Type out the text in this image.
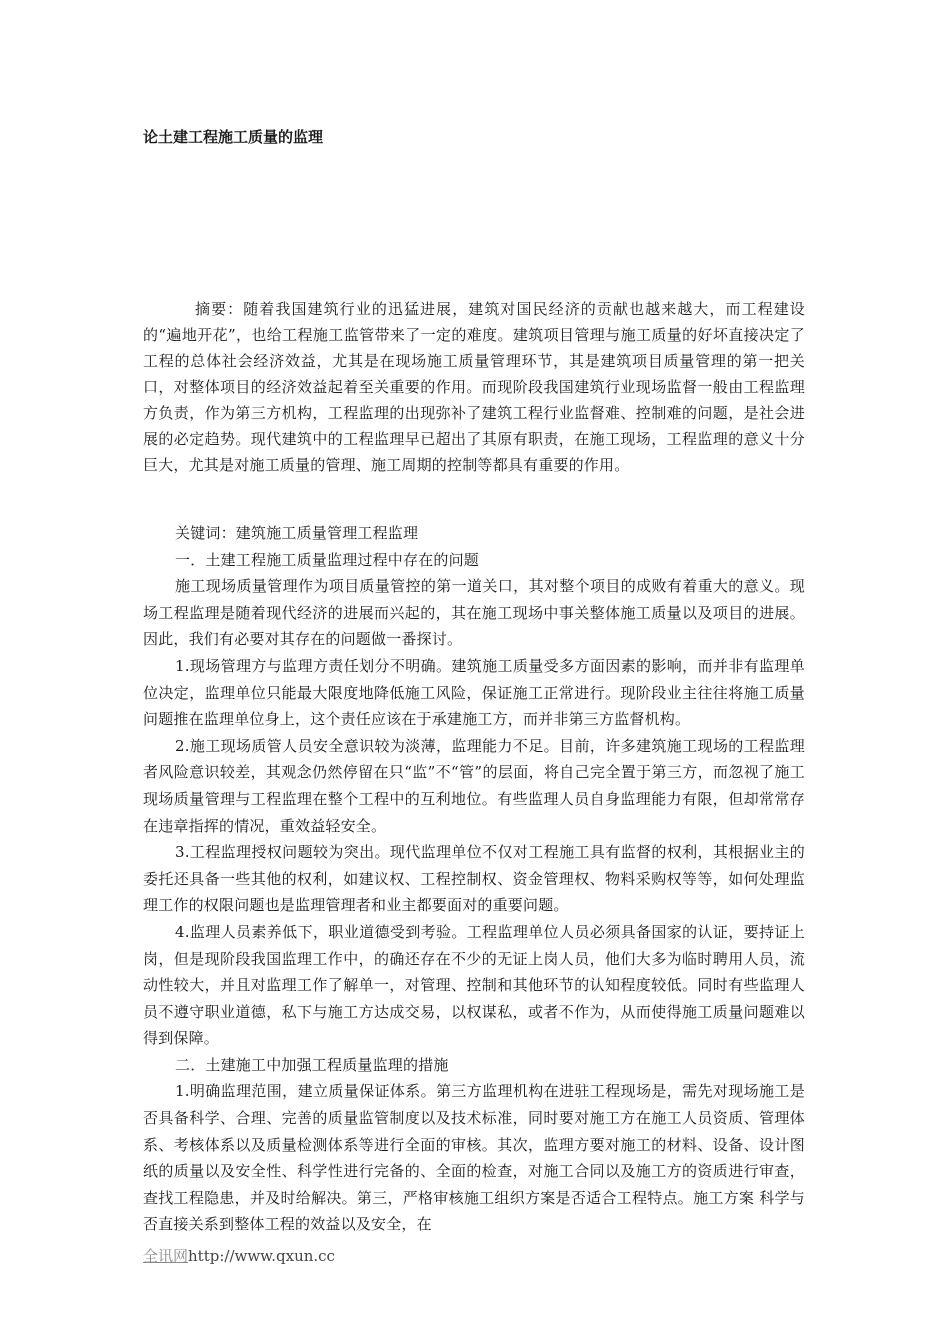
论土建工程施工质量的监理

摘要：随着我国建筑行业的迅猛进展，建筑对国民经济的贡献也越来越大，而工程建设的“遍地开花”，也给工程施工监管带来了一定的难度。建筑项目管理与施工质量的好坏直接决定了工程的总体社会经济效益，尤其是在现场施工质量管理环节，其是建筑项目质量管理的第一把关口，对整体项目的经济效益起着至关重要的作用。而现阶段我国建筑行业现场监督一般由工程监理方负责，作为第三方机构，工程监理的出现弥补了建筑工程行业监督难、控制难的问题，是社会进展的必定趋势。现代建筑中的工程监理早已超出了其原有职责，在施工现场，工程监理的意义十分巨大，尤其是对施工质量的管理、施工周期的控制等都具有重要的作用。

关键词：建筑施工质量管理工程监理

一．土建工程施工质量监理过程中存在的问题

施工现场质量管理作为项目质量管控的第一道关口，其对整个项目的成败有着重大的意义。现场工程监理是随着现代经济的进展而兴起的，其在施工现场中事关整体施工质量以及项目的进展。因此，我们有必要对其存在的问题做一番探讨。

1.现场管理方与监理方责任划分不明确。建筑施工质量受多方面因素的影响，而并非有监理单位决定，监理单位只能最大限度地降低施工风险，保证施工正常进行。现阶段业主往往将施工质量问题推在监理单位身上，这个责任应该在于承建施工方，而并非第三方监督机构。

2.施工现场质管人员安全意识较为淡薄，监理能力不足。目前，许多建筑施工现场的工程监理者风险意识较差，其观念仍然停留在只“监”不“管”的层面，将自己完全置于第三方，而忽视了施工现场质量管理与工程监理在整个工程中的互利地位。有些监理人员自身监理能力有限，但却常常存在违章指挥的情况，重效益轻安全。

3.工程监理授权问题较为突出。现代监理单位不仅对工程施工具有监督的权利，其根据业主的委托还具备一些其他的权利，如建议权、工程控制权、资金管理权、物料采购权等等，如何处理监理工作的权限问题也是监理管理者和业主都要面对的重要问题。

4.监理人员素养低下，职业道德受到考验。工程监理单位人员必须具备国家的认证，要持证上岗，但是现阶段我国监理工作中，的确还存在不少的无证上岗人员，他们大多为临时聘用人员，流动性较大，并且对监理工作了解单一，对管理、控制和其他环节的认知程度较低。同时有些监理人员不遵守职业道德，私下与施工方达成交易，以权谋私，或者不作为，从而使得施工质量问题难以得到保障。

二．土建施工中加强工程质量监理的措施

1.明确监理范围，建立质量保证体系。第三方监理机构在进驻工程现场是，需先对现场施工是否具备科学、合理、完善的质量监管制度以及技术标准，同时要对施工方在施工人员资质、管理体系、考核体系以及质量检测体系等进行全面的审核。其次，监理方要对施工的材料、设备、设计图纸的质量以及安全性、科学性进行完备的、全面的检查，对施工合同以及施工方的资质进行审查，查找工程隐患，并及时给解决。第三，严格审核施工组织方案是否适合工程特点。施工方案 科学与否直接关系到整体工程的效益以及安全，在

全讯网http://www.qxun.cc
